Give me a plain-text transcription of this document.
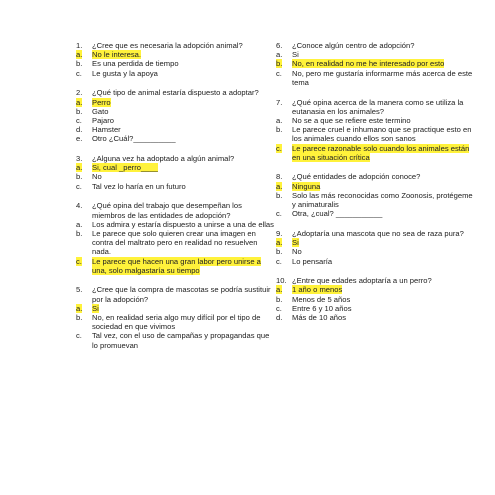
1.	¿Cree que es necesaria la adopción animal?
a.	No le interesa.
b.	Es una perdida de tiempo
c.	Le gusta y la apoya
2.	¿Qué tipo de animal estaría dispuesto a adoptar?
a.	Perro
b.	Gato
c.	Pajaro
d.	Hamster
e.	Otro ¿Cuál?__________
3.	¿Alguna vez ha adoptado a algún animal?
a.	Si, cual _perro____
b.	No
c.	Tal vez lo haría en un futuro
4.	¿Qué opina del trabajo que desempeñan los miembros de las entidades de adopción?
a.	Los admira y estaría dispuesto a unirse a una de ellas
b.	Le parece que solo quieren crear una imagen en contra del maltrato pero en realidad no resuelven nada.
c.	Le parece que hacen una gran labor pero unirse a una, solo malgastaría su tiempo
5.	¿Cree que la compra de mascotas se podría sustituir por la adopción?
a.	Si
b.	No, en realidad seria algo muy difícil por el tipo de sociedad en que vivimos
c.	Tal vez, con el uso de campañas y propagandas que lo promuevan
6.	¿Conoce algún centro de adopción?
a.	Si
b.	No, en realidad no me he interesado por esto
c.	No, pero me gustaría informarme más acerca de este tema
7.	¿Qué opina acerca de la manera como se utiliza la eutanasia en los animales?
a.	No se a que se refiere este termino
b.	Le parece cruel e inhumano que se practique esto en los animales cuando ellos son sanos
c.	Le parece razonable solo cuando los animales están en una situación crítica
8.	¿Qué entidades de adopción conoce?
a.	Ninguna
b.	Solo las más reconocidas como Zoonosis, protégeme y animaturalis
c.	Otra, ¿cual? ___________
9.	¿Adoptaría una mascota que no sea de raza pura?
a.	Si
b.	No
c.	Lo pensaría
10. ¿Entre que edades adoptaría a un perro?
a.	1 año o menos
b.	Menos de 5 años
c.	Entre 6 y 10 años
d.	Más de 10 años
